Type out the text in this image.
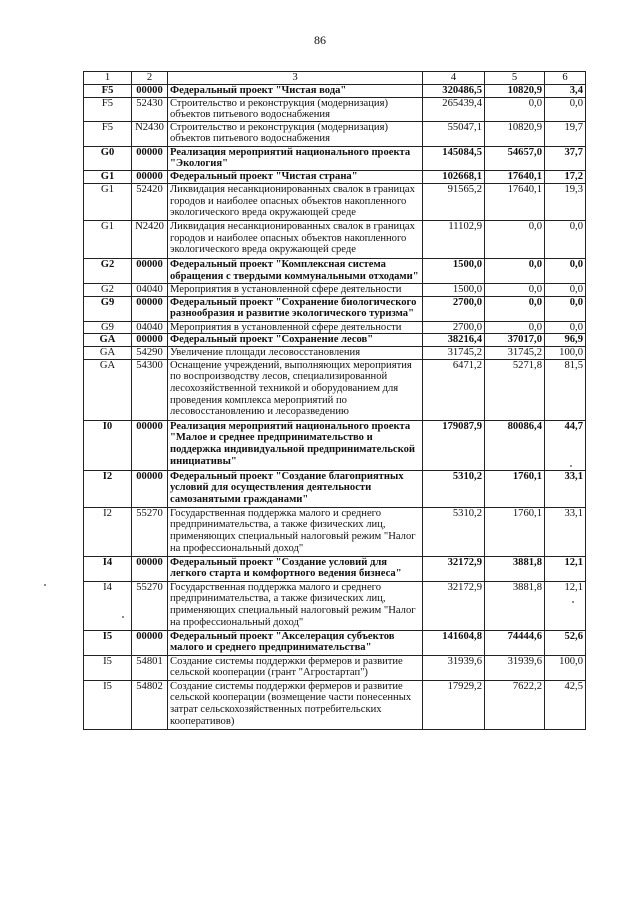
86
1	2	3	4	5	6
F5	00000	Федеральный проект "Чистая вода"	320486,5	10820,9	3,4
F5	52430	Строительство и реконструкция (модернизация) объектов питьевого водоснабжения	265439,4	0,0	0,0
F5	N2430	Строительство и реконструкция (модернизация) объектов питьевого водоснабжения	55047,1	10820,9	19,7
G0	00000	Реализация мероприятий национального проекта "Экология"	145084,5	54657,0	37,7
G1	00000	Федеральный проект "Чистая страна"	102668,1	17640,1	17,2
G1	52420	Ликвидация несанкционированных свалок в границах городов и наиболее опасных объектов накопленного экологического вреда окружающей среде	91565,2	17640,1	19,3
G1	N2420	Ликвидация несанкционированных свалок в границах городов и наиболее опасных объектов накопленного экологического вреда окружающей среде	11102,9	0,0	0,0
G2	00000	Федеральный проект "Комплексная система обращения с твердыми коммунальными отходами"	1500,0	0,0	0,0
G2	04040	Мероприятия в установленной сфере деятельности	1500,0	0,0	0,0
G9	00000	Федеральный проект "Сохранение биологического разнообразия и развитие экологического туризма"	2700,0	0,0	0,0
G9	04040	Мероприятия в установленной сфере деятельности	2700,0	0,0	0,0
GA	00000	Федеральный проект "Сохранение лесов"	38216,4	37017,0	96,9
GA	54290	Увеличение площади лесовосстановления	31745,2	31745,2	100,0
GA	54300	Оснащение учреждений, выполняющих мероприятия по воспроизводству лесов, специализированной лесохозяйственной техникой и оборудованием для проведения комплекса мероприятий по лесовосстановлению и лесоразведению	6471,2	5271,8	81,5
I0	00000	Реализация мероприятий национального проекта "Малое и среднее предпринимательство и поддержка индивидуальной предпринимательской инициативы"	179087,9	80086,4	44,7
I2	00000	Федеральный проект "Создание благоприятных условий для осуществления деятельности самозанятыми гражданами"	5310,2	1760,1	33,1
I2	55270	Государственная поддержка малого и среднего предпринимательства, а также физических лиц, применяющих специальный налоговый режим "Налог на профессиональный доход"	5310,2	1760,1	33,1
I4	00000	Федеральный проект "Создание условий для легкого старта и комфортного ведения бизнеса"	32172,9	3881,8	12,1
I4	55270	Государственная поддержка малого и среднего предпринимательства, а также физических лиц, применяющих специальный налоговый режим "Налог на профессиональный доход"	32172,9	3881,8	12,1
I5	00000	Федеральный проект "Акселерация субъектов малого и среднего предпринимательства"	141604,8	74444,6	52,6
I5	54801	Создание системы поддержки фермеров и развитие сельской кооперации (грант "Агростартап")	31939,6	31939,6	100,0
I5	54802	Создание системы поддержки фермеров и развитие сельской кооперации (возмещение части понесенных затрат сельскохозяйственных потребительских кооперативов)	17929,2	7622,2	42,5
